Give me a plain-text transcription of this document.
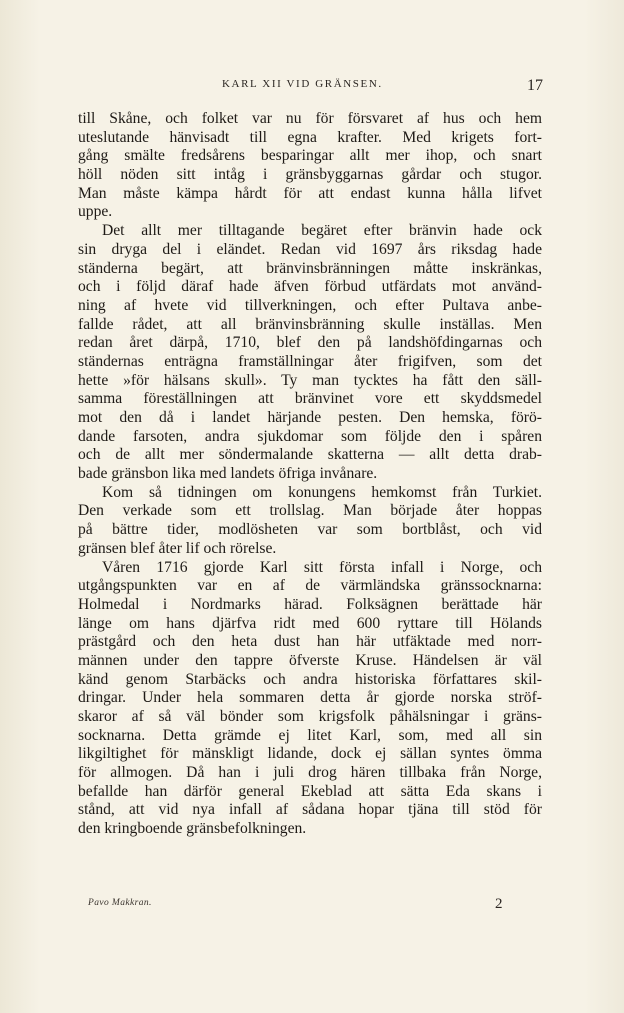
KARL XII VID GRÄNSEN.	17
till Skåne, och folket var nu för försvaret af hus och hem
uteslutande hänvisadt till egna krafter. Med krigets fort-
gång smälte fredsårens besparingar allt mer ihop, och snart
höll nöden sitt intåg i gränsbyggarnas gårdar och stugor.
Man måste kämpa hårdt för att endast kunna hålla lifvet
uppe.
Det allt mer tilltagande begäret efter bränvin hade ock
sin dryga del i eländet. Redan vid 1697 års riksdag hade
ständerna begärt, att bränvinsbränningen måtte inskränkas,
och i följd däraf hade äfven förbud utfärdats mot använd-
ning af hvete vid tillverkningen, och efter Pultava anbe-
fallde rådet, att all bränvinsbränning skulle inställas. Men
redan året därpå, 1710, blef den på landshöfdingarnas och
ständernas enträgna framställningar åter frigifven, som det
hette »för hälsans skull». Ty man tycktes ha fått den säll-
samma föreställningen att bränvinet vore ett skyddsmedel
mot den då i landet härjande pesten. Den hemska, förö-
dande farsoten, andra sjukdomar som följde den i spåren
och de allt mer söndermalande skatterna — allt detta drab-
bade gränsbon lika med landets öfriga invånare.
Kom så tidningen om konungens hemkomst från Turkiet.
Den verkade som ett trollslag. Man började åter hoppas
på bättre tider, modlösheten var som bortblåst, och vid
gränsen blef åter lif och rörelse.
Våren 1716 gjorde Karl sitt första infall i Norge, och
utgångspunkten var en af de värmländska gränssocknarna:
Holmedal i Nordmarks härad. Folksägnen berättade här
länge om hans djärfva ridt med 600 ryttare till Hölands
prästgård och den heta dust han här utfäktade med norr-
männen under den tappre öfverste Kruse. Händelsen är väl
känd genom Starbäcks och andra historiska författares skil-
dringar. Under hela sommaren detta år gjorde norska ströf-
skaror af så väl bönder som krigsfolk påhälsningar i gräns-
socknarna. Detta grämde ej litet Karl, som, med all sin
likgiltighet för mänskligt lidande, dock ej sällan syntes ömma
för allmogen. Då han i juli drog hären tillbaka från Norge,
befallde han därför general Ekeblad att sätta Eda skans i
stånd, att vid nya infall af sådana hopar tjäna till stöd för
den kringboende gränsbefolkningen.
Pavo Makkran.	2
